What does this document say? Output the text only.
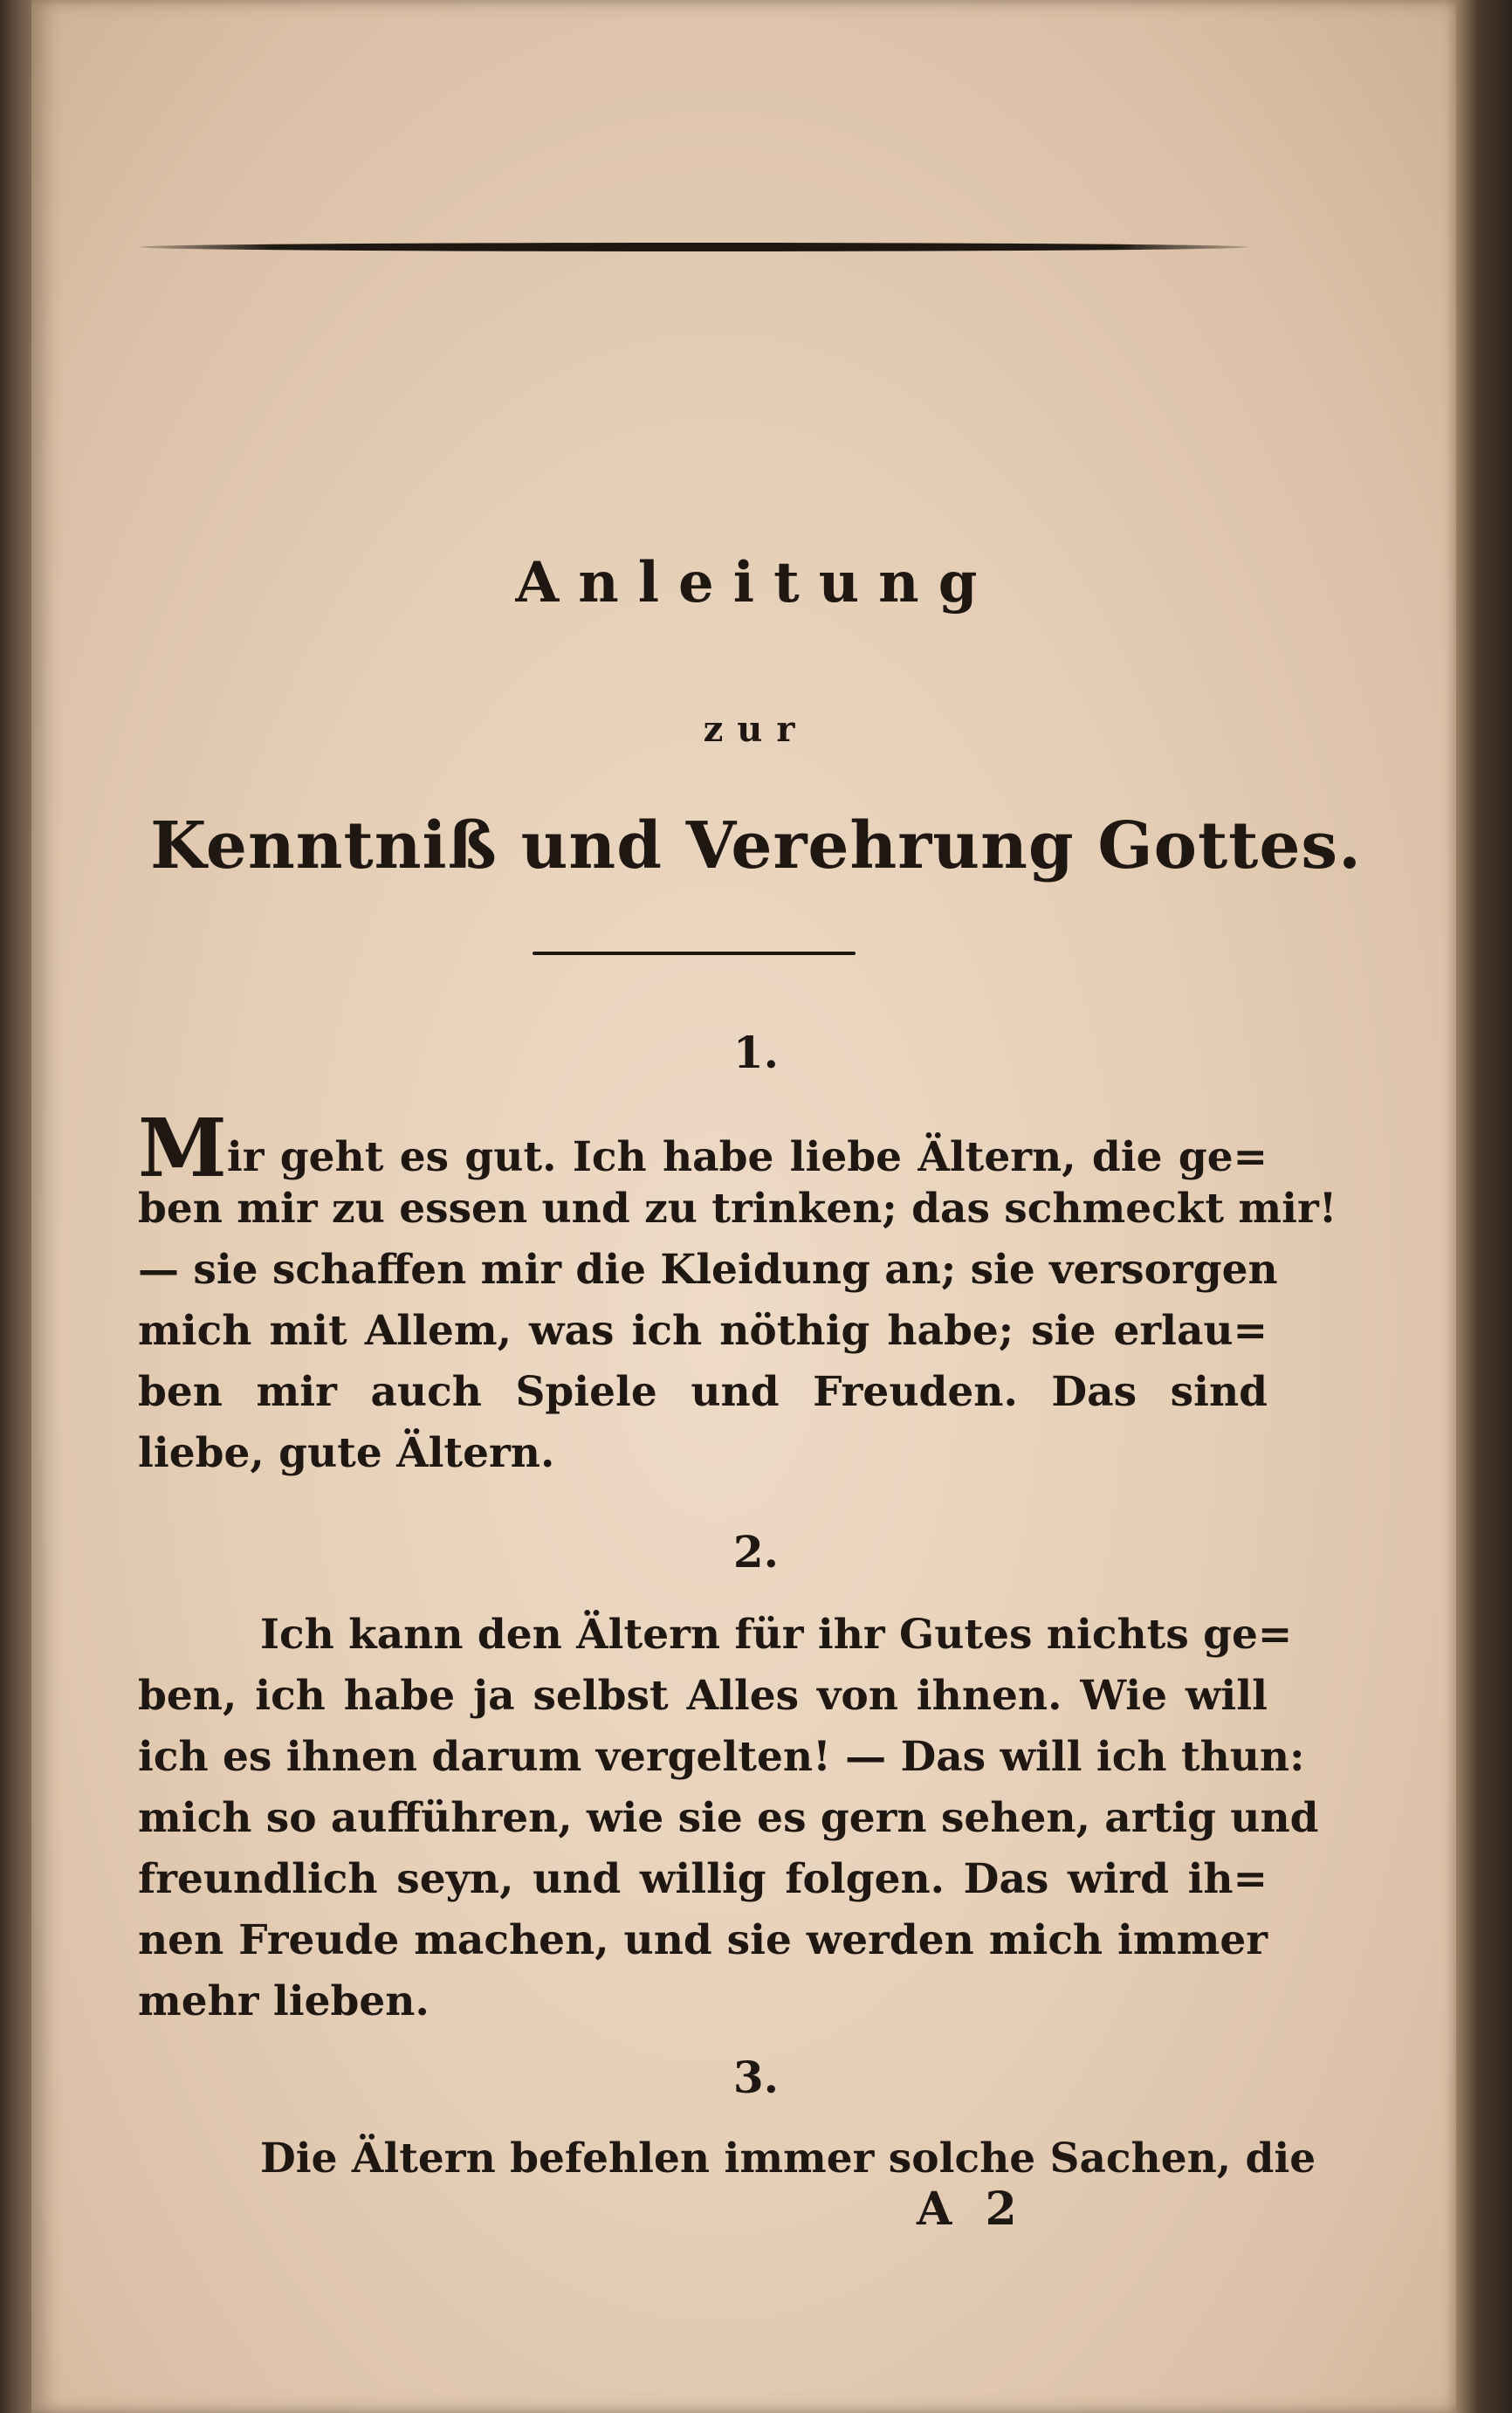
Anleitung
zur
Kenntniß und Verehrung Gottes.
1.
Mir geht es gut. Ich habe liebe Ältern, die ge=
ben mir zu essen und zu trinken; das schmeckt mir!
— sie schaffen mir die Kleidung an; sie versorgen
mich mit Allem, was ich nöthig habe; sie erlau=
ben mir auch Spiele und Freuden. Das sind
liebe, gute Ältern.
2.
Ich kann den Ältern für ihr Gutes nichts ge=
ben, ich habe ja selbst Alles von ihnen. Wie will
ich es ihnen darum vergelten! — Das will ich thun:
mich so aufführen, wie sie es gern sehen, artig und
freundlich seyn, und willig folgen. Das wird ih=
nen Freude machen, und sie werden mich immer
mehr lieben.
3.
Die Ältern befehlen immer solche Sachen, die
A 2
